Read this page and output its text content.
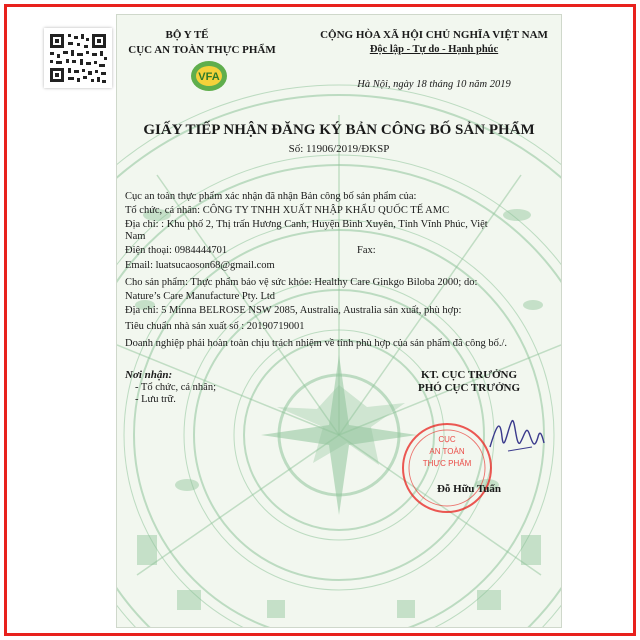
BỘ Y TẾ
CỤC AN TOÀN THỰC PHẨM
VFA
CỘNG HÒA XÃ HỘI CHỦ NGHĨA VIỆT NAM
Độc lập - Tự do - Hạnh phúc
Hà Nội, ngày 18 tháng 10 năm 2019
GIẤY TIẾP NHẬN ĐĂNG KÝ BẢN CÔNG BỐ SẢN PHẨM
Số: 11906/2019/ĐKSP
Cục an toàn thực phẩm xác nhận đã nhận Bản công bố sản phẩm của:
Tổ chức, cá nhân: CÔNG TY TNHH XUẤT NHẬP KHẨU QUỐC TẾ AMC
Địa chỉ: : Khu phố 2, Thị trấn Hương Canh, Huyện Bình Xuyên, Tỉnh Vĩnh Phúc, Việt
Nam
Điện thoại: 0984444701	Fax:
Email: luatsucaoson68@gmail.com
Cho sản phẩm: Thực phẩm bảo vệ sức khỏe: Healthy Care Ginkgo Biloba 2000; do:
Nature’s Care Manufacture Pty. Ltd
Địa chỉ: 5 Minna BELROSE NSW 2085, Australia, Australia sản xuất, phù hợp:
Tiêu chuẩn nhà sản xuất số : 20190719001
Doanh nghiệp phải hoàn toàn chịu trách nhiệm về tính phù hợp của sản phẩm đã công bố./.
Nơi nhận:
- Tổ chức, cá nhân;
- Lưu trữ.
KT. CỤC TRƯỞNG
PHÓ CỤC TRƯỞNG
CỤC
AN TOÀN
THỰC PHẨM
Đỗ Hữu Tuấn
